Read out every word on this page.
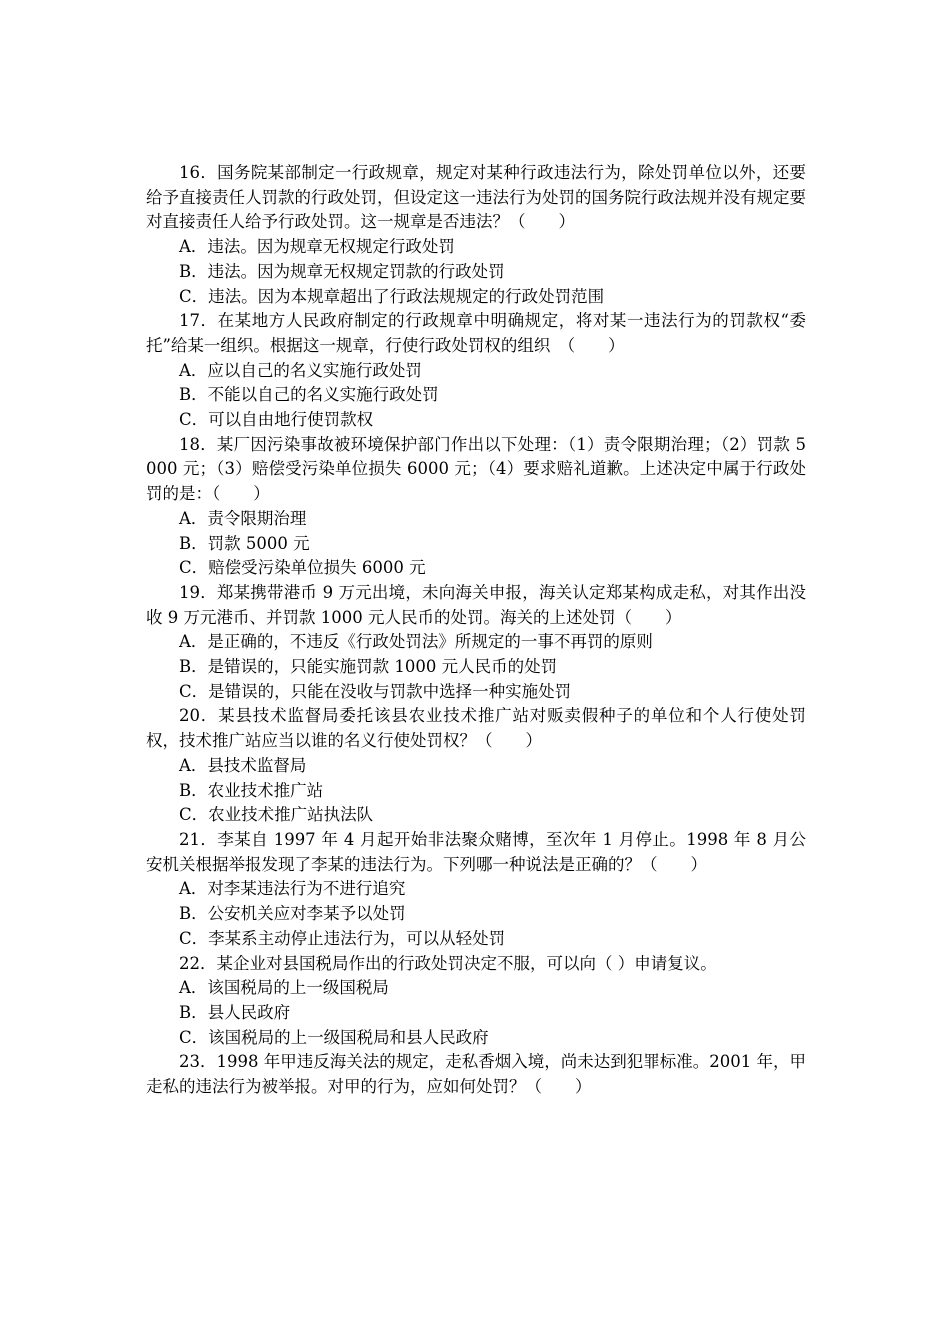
16．国务院某部制定一行政规章，规定对某种行政违法行为，除处罚单位以外，还要给予直接责任人罚款的行政处罚，但设定这一违法行为处罚的国务院行政法规并没有规定要对直接责任人给予行政处罚。这一规章是否违法？（　　）

A．违法。因为规章无权规定行政处罚

B．违法。因为规章无权规定罚款的行政处罚

C．违法。因为本规章超出了行政法规规定的行政处罚范围

17．在某地方人民政府制定的行政规章中明确规定，将对某一违法行为的罚款权“委托”给某一组织。根据这一规章，行使行政处罚权的组织　（　　）

A．应以自己的名义实施行政处罚

B．不能以自己的名义实施行政处罚

C．可以自由地行使罚款权

18．某厂因污染事故被环境保护部门作出以下处理：（1）责令限期治理；（2）罚款 5000 元；（3）赔偿受污染单位损失 6000 元；（4）要求赔礼道歉。上述决定中属于行政处罚的是：（　　）

A．责令限期治理

B．罚款 5000 元

C．赔偿受污染单位损失 6000 元

19．郑某携带港币 9 万元出境，未向海关申报，海关认定郑某构成走私，对其作出没收 9 万元港币、并罚款 1000 元人民币的处罚。海关的上述处罚（　　）

A．是正确的，不违反《行政处罚法》所规定的一事不再罚的原则

B．是错误的，只能实施罚款 1000 元人民币的处罚

C．是错误的，只能在没收与罚款中选择一种实施处罚

20．某县技术监督局委托该县农业技术推广站对贩卖假种子的单位和个人行使处罚权，技术推广站应当以谁的名义行使处罚权？（　　）

A．县技术监督局

B．农业技术推广站

C．农业技术推广站执法队

21．李某自 1997 年 4 月起开始非法聚众赌博，至次年 1 月停止。1998 年 8 月公安机关根据举报发现了李某的违法行为。下列哪一种说法是正确的？（　　）

A．对李某违法行为不进行追究

B．公安机关应对李某予以处罚

C．李某系主动停止违法行为，可以从轻处罚

22．某企业对县国税局作出的行政处罚决定不服，可以向（ ）申请复议。

A．该国税局的上一级国税局

B．县人民政府

C．该国税局的上一级国税局和县人民政府

23．1998 年甲违反海关法的规定，走私香烟入境，尚未达到犯罪标准。2001 年，甲走私的违法行为被举报。对甲的行为，应如何处罚？（　　）
